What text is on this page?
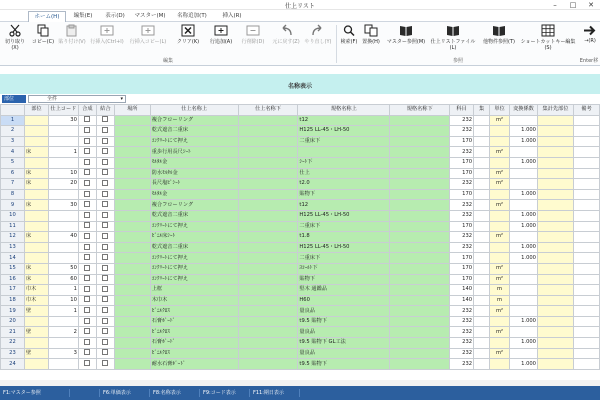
仕上リスト	–	□	✕
ホーム(H)	編集(E)	表示(D)	マスター(M)	名称追加(T)	挿入(R)
切り取り(X)
コピー(C) 貼り付け(V) 行挿入(Ctrl+I)	行挿入コピー(L)	クリア(K)	行追加(A)	行削除(D)	元に戻す(Z) やり直し(Y)	検索(F) 置換(H)	マスター参照(M)	仕上リストファイル(L)
他物件参照(T)	ショートカットキー編集(S)
→(R)
編集	参照	Enter移
名称表示
部位	全件	▾
	部位	仕上コード	合成	結合	場所	仕上名称上	仕上名称下	規格名称上	規格名称下	科目	集	単位	変換係数	集計先部位	備考
1		30				複合フローリング		t12		232		m²			
2						乾式遮音二重床		H125 LL-45・LH-50		232			1.000		
3						ｺﾝｸﾘｰﾄにて押え		二重床下		170			1.000		
4	床	1				重歩行用長尺ｼｰﾄ				232		m²			
5						ﾓﾙﾀﾙ金		ｼｰﾄ下		170			1.000		
6	床	10				防水ﾓﾙﾀﾙ金		仕上		170		m²			
7	床	20				長尺塩ﾋﾞｼｰﾄ		t2.0		232		m²			
8						ﾓﾙﾀﾙ金		貼物下		170			1.000		
9	床	30				複合フローリング		t12		232		m²			
10						乾式遮音二重床		H125 LL-45・LH-50		232			1.000		
11						ｺﾝｸﾘｰﾄにて押え		二重床下		170			1.000		
12	床	40				ﾋﾞﾆﾙ床ｼｰﾄ		t1.8		232		m²			
13						乾式遮音二重床		H125 LL-45・LH-50		232			1.000		
14						ｺﾝｸﾘｰﾄにて押え		二重床下		170			1.000		
15	床	50				ｺﾝｸﾘｰﾄにて押え		ﾖｺｰﾙﾄ下		170		m²			
16	床	60				ｺﾝｸﾘｰﾄにて押え		貼物下		170		m²			
17	巾木	1				上框		堅木 通鑑品		140		m			
18	巾木	10				木巾木		H60		140		m			
19	壁	1				ﾋﾞﾆﾙｸﾛｽ		量良品		232		m²			
20						石膏ﾎﾞｰﾄﾞ		t9.5 貼物下		232			1.000		
21	壁	2				ﾋﾞﾆﾙｸﾛｽ		量良品		232		m²			
22						石膏ﾎﾞｰﾄﾞ		t9.5 貼物下 GL工法		232			1.000		
23	壁	3				ﾋﾞﾆﾙｸﾛｽ		量良品		232		m²			
24						耐水石膏ﾎﾞｰﾄﾞ		t9.5 貼物下		232			1.000		
F1:マスター参照	F6:単価表示	F8:名称表示	F9:コード表示	F11:期日表示
